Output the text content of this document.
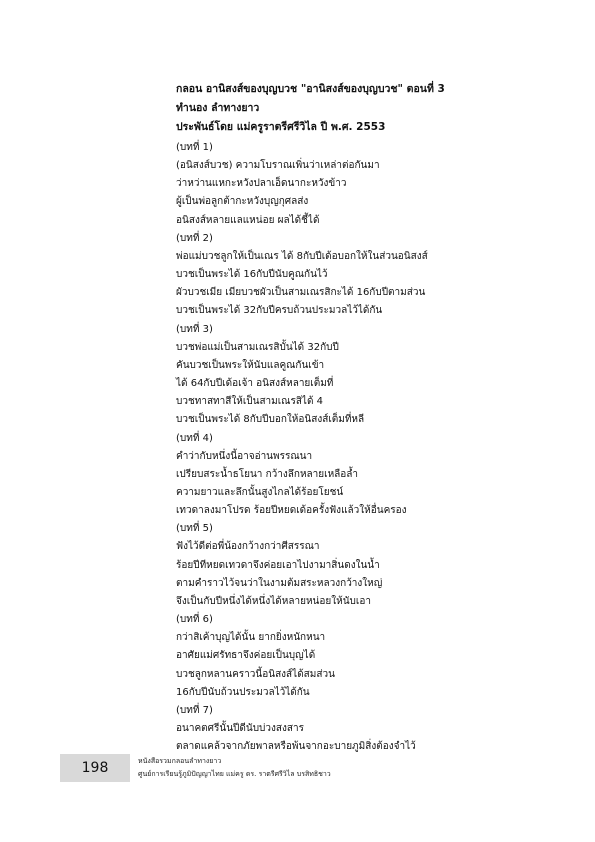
กลอน อานิสงส์ของบุญบวช "อานิสงส์ของบุญบวช" ตอนที่ 3
ทำนอง ลำทางยาว
ประพันธ์โดย แม่ครูราตรีศรีวิไล ปี พ.ศ. 2553
(บทที่ 1)
(อนิสงส์บวช) ความโบราณเพิ่นว่าเหล่าต่อกันมา
ว่าหว่านแหกะหวังปลาเอ็ดนากะหวังข้าว
ผู้เป็นพ่อลูกต้ากะหวังบุญกุศลส่ง
อนิสงส์หลายแลแหน่อย ผลได้ชี้ได้
(บทที่ 2)
พ่อแม่บวชลูกให้เป็นเณร ได้ 8กับปีเด้อบอกให้ในส่วนอนิสงส์
บวชเป็นพระได้ 16กับปีนับคูณกันไว้
ผัวบวชเมีย เมียบวชผัวเป็นสามเณรสิกะได้ 16กับปีตามส่วน
บวชเป็นพระได้ 32กับปีครบถ้วนประมวลไว้ได้กัน
(บทที่ 3)
บวชพ่อแม่เป็นสามเณรสิบั้นได้ 32กับปี
คันบวชเป็นพระให้นับแลคูณกันเข้า
ได้ 64กับปีเด้อเจ้า อนิสงส์หลายเต็มที่
บวชทาสทาสีให้เป็นสามเณรสิได้ 4
บวชเป็นพระได้ 8กับปีบอกให้อนิสงส์เต็มที่หลี
(บทที่ 4)
คำว่ากับหนึ่งนี้อาจอ่านพรรณนา
เปรียบสระน้ำธโยนา กว้างลึกหลายเหลือล้ำ
ความยาวและลึกนั้นสูงไกลได้ร้อยโยชน์
เทวดาลงมาโปรด ร้อยปีหยดเด้อครั้งฟังแล้วให้อื่นครอง
(บทที่ 5)
ฟังไว้ดีต่อพี่น้องกว้างกว่าศีสรรณา
ร้อยปีทีหยดเทวดาจึงค่อยเอาไปงามาสิ่นดงในน้ำ
ตามคำราวไว้จนว่าในงามต้มสระหลวงกว้างใหญ่
จึงเป็นกับปีหนึ่งได้หนึ่งได้หลายหน่อยให้นับเอา
(บทที่ 6)
กว่าสิเค้าบุญได้นั้น ยากยิ่งหนักหนา
อาศัยแม่ศรัทธาจึงค่อยเป็นบุญได้
บวชลูกหลานคราวนี้อนิสงส์ได้สมส่วน
16กับปีนับถ้วนประมวลไว้ได้กัน
(บทที่ 7)
อนาคตศรีนั้นปีดีนับบ่วงสงสาร
ตลาดแคล้วจากภัยพาลหรือพ้นจากอะบายภูมิสิ่งต้องจำไว้
198	หนังสือรวมกลอนลำทางยาว
ศูนย์การเรียนรู้ภูมิปัญญาไทย แม่ครู ดร. ราตรีศรีวิไล บรสิทธิชาว
